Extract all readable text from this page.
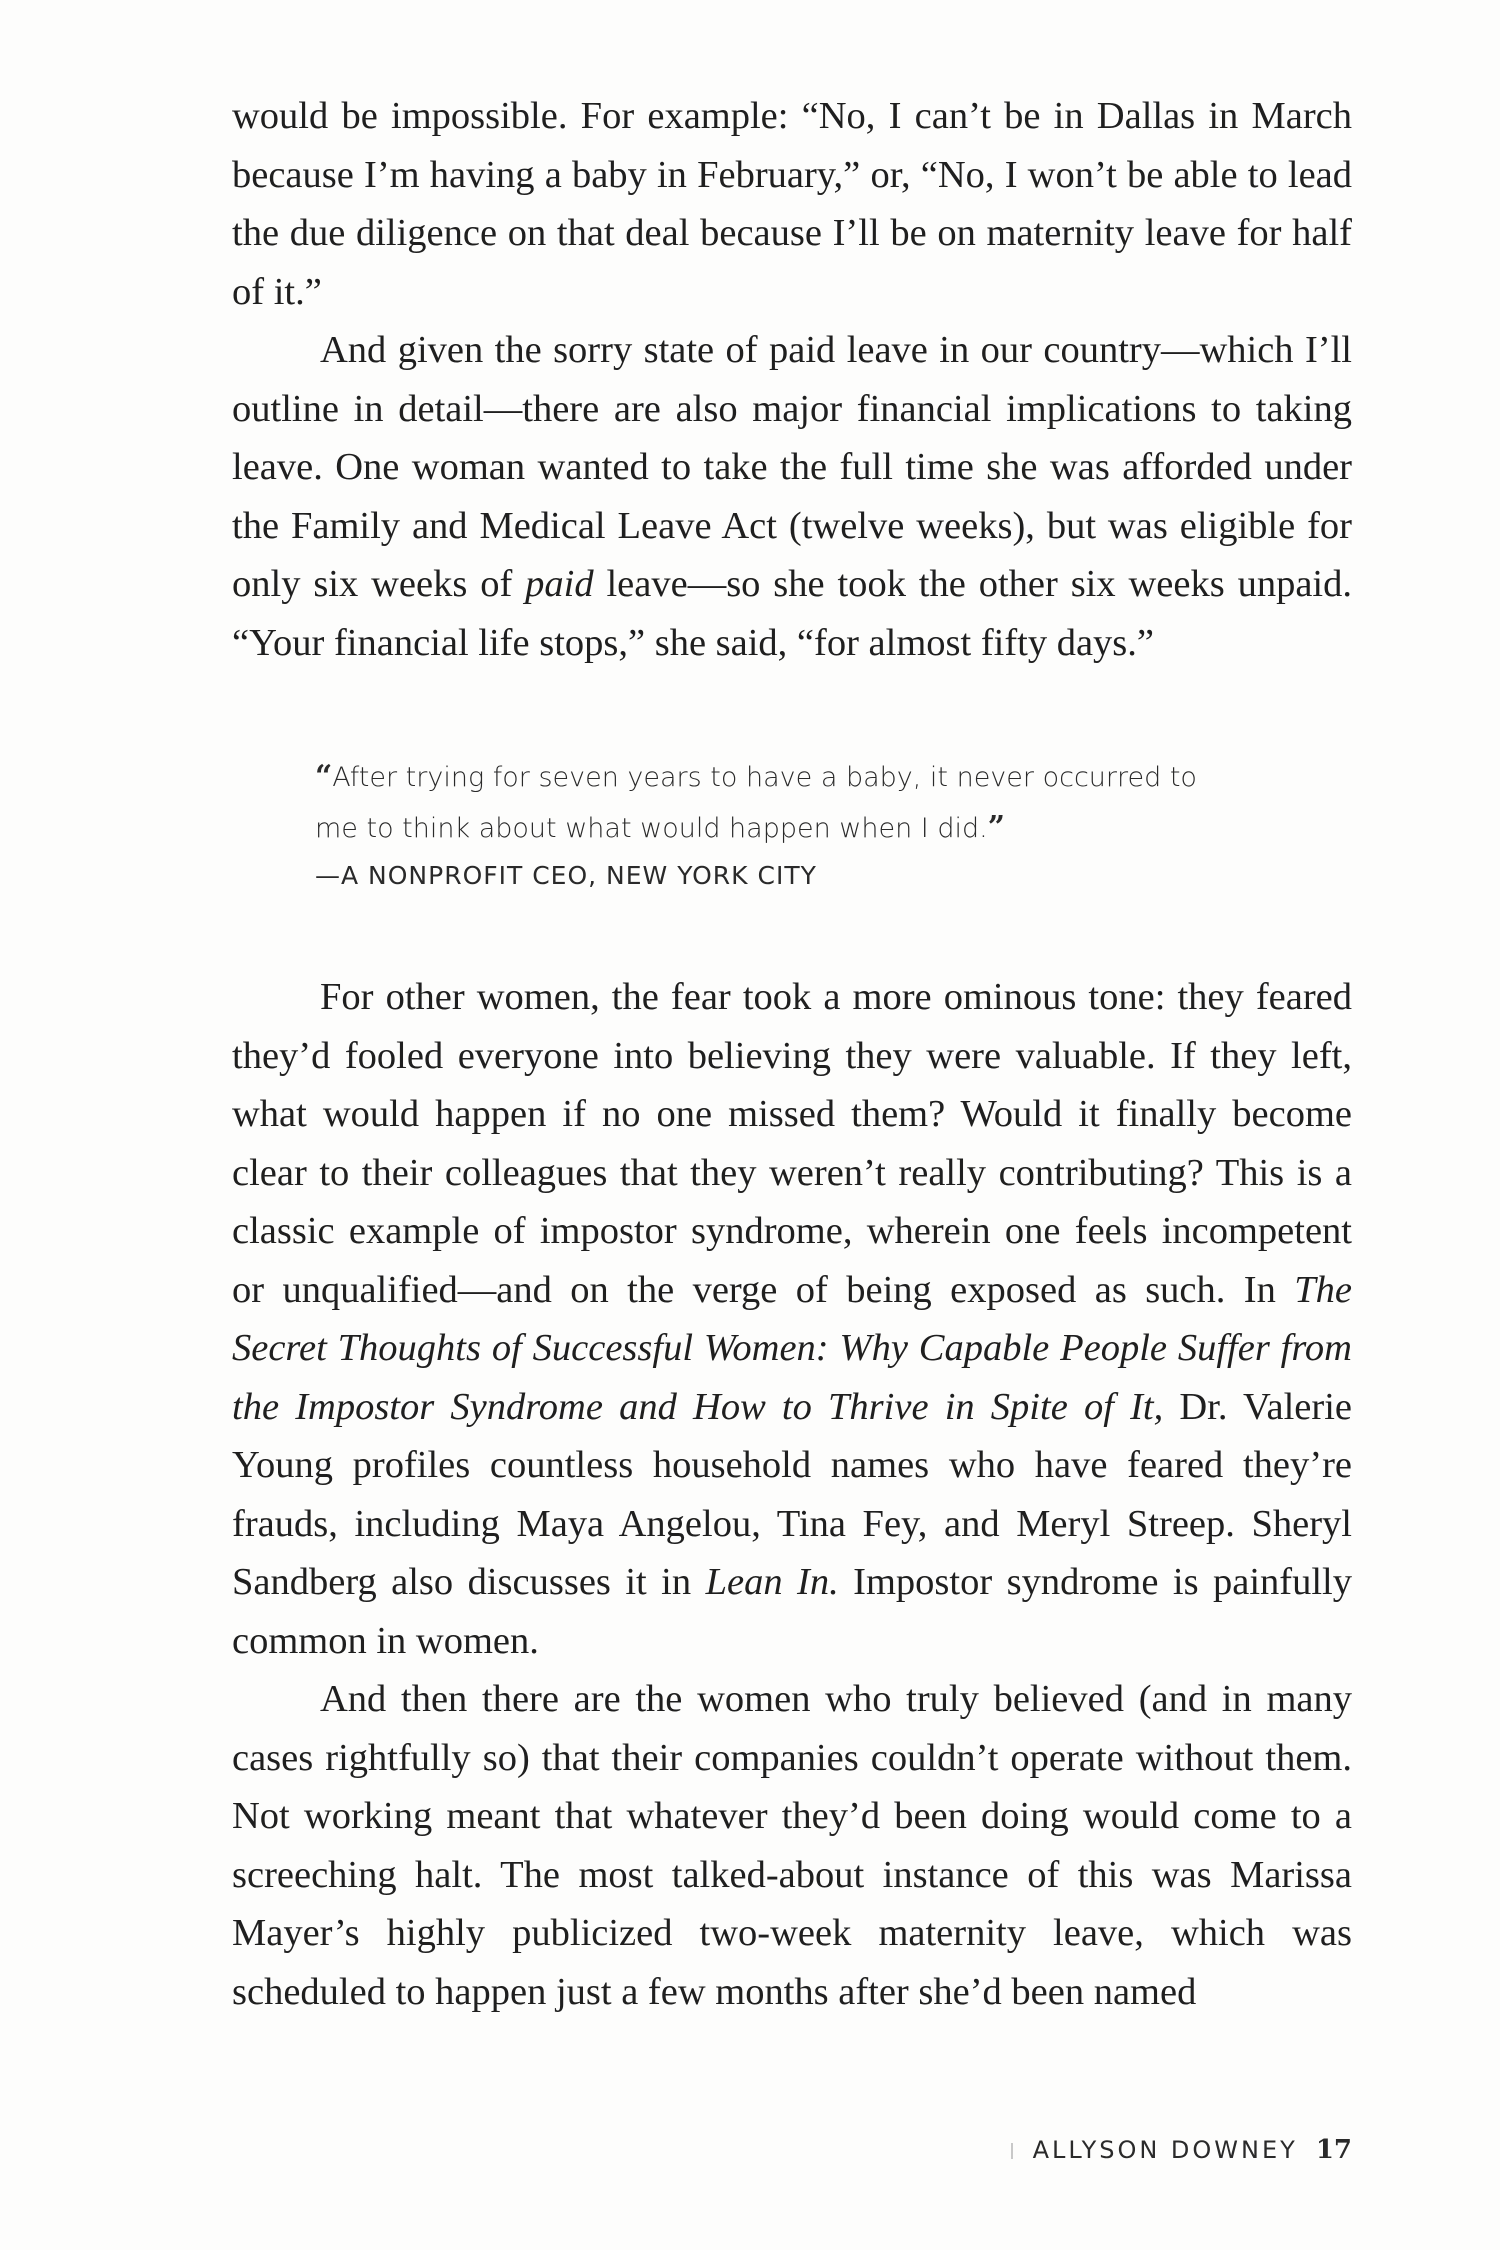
would be impossible. For example: “No, I can’t be in Dallas in March because I’m having a baby in February,” or, “No, I won’t be able to lead the due diligence on that deal because I’ll be on maternity leave for half of it.”

And given the sorry state of paid leave in our country—which I’ll outline in detail—there are also major financial implications to taking leave. One woman wanted to take the full time she was afforded under the Family and Medical Leave Act (twelve weeks), but was eligible for only six weeks of paid leave—so she took the other six weeks unpaid. “Your financial life stops,” she said, “for almost fifty days.”

“After trying for seven years to have a baby, it never occurred to me to think about what would happen when I did.”
—A NONPROFIT CEO, NEW YORK CITY

For other women, the fear took a more ominous tone: they feared they’d fooled everyone into believing they were valuable. If they left, what would happen if no one missed them? Would it finally become clear to their colleagues that they weren’t really contributing? This is a classic example of impostor syndrome, wherein one feels incompetent or unqualified—and on the verge of being exposed as such. In The Secret Thoughts of Successful Women: Why Capable People Suffer from the Impostor Syndrome and How to Thrive in Spite of It, Dr. Valerie Young profiles countless household names who have feared they’re frauds, including Maya Angelou, Tina Fey, and Meryl Streep. Sheryl Sandberg also discusses it in Lean In. Impostor syndrome is painfully common in women.

And then there are the women who truly believed (and in many cases rightfully so) that their companies couldn’t operate without them. Not working meant that whatever they’d been doing would come to a screeching halt. The most talked-about instance of this was Marissa Mayer’s highly publicized two-week maternity leave, which was scheduled to happen just a few months after she’d been named

ALLYSON DOWNEY 17
